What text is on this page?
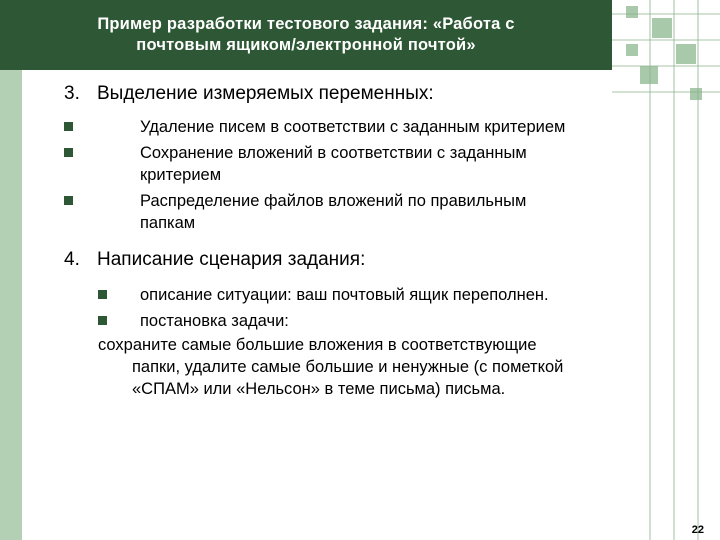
Пример разработки тестового задания: «Работа с
почтовым ящиком/электронной почтой»
3. Выделение измеряемых переменных:
Удаление писем в соответствии с заданным критерием
Сохранение вложений в соответствии с заданным
критерием
Распределение файлов вложений по правильным
папкам
4. Написание сценария задания:
описание ситуации: ваш почтовый ящик переполнен.
постановка задачи:
сохраните самые большие вложения в соответствующие
папки, удалите самые большие и ненужные (с пометкой
«СПАМ» или «Нельсон» в теме письма) письма.
22
